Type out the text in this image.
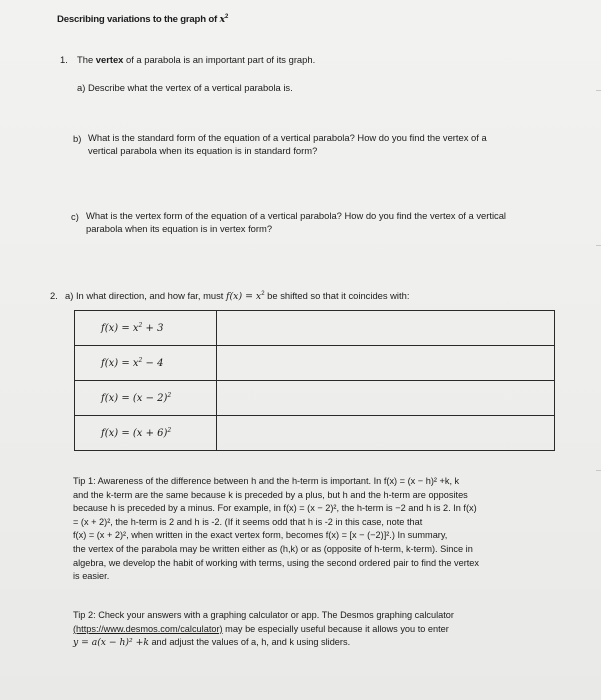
Describing variations to the graph of $x^2$
1. The vertex of a parabola is an important part of its graph.
a) Describe what the vertex of a vertical parabola is.
b) What is the standard form of the equation of a vertical parabola? How do you find the vertex of a
vertical parabola when its equation is in standard form?
c) What is the vertex form of the equation of a vertical parabola? How do you find the vertex of a vertical
parabola when its equation is in vertex form?
2. a) In what direction, and how far, must $f(x) = x^2$ be shifted so that it coincides with:
$f(x) = x^2 + 3$	
$f(x) = x^2 - 4$	
$f(x) = (x - 2)^2$	
$f(x) = (x + 6)^2$	
Tip 1: Awareness of the difference between h and the h-term is important. In f(x) = (x − h)² +k, k
and the k-term are the same because k is preceded by a plus, but h and the h-term are opposites
because h is preceded by a minus. For example, in f(x) = (x − 2)², the h-term is −2 and h is 2. In f(x)
= (x + 2)², the h-term is 2 and h is -2. (If it seems odd that h is -2 in this case, note that
f(x) = (x + 2)², when written in the exact vertex form, becomes f(x) = [x − (−2)]².) In summary,
the vertex of the parabola may be written either as (h,k) or as (opposite of h-term, k-term). Since in
algebra, we develop the habit of working with terms, using the second ordered pair to find the vertex
is easier.
Tip 2: Check your answers with a graphing calculator or app. The Desmos graphing calculator
(https://www.desmos.com/calculator) may be especially useful because it allows you to enter
y = a(x − h)² +k and adjust the values of a, h, and k using sliders.
